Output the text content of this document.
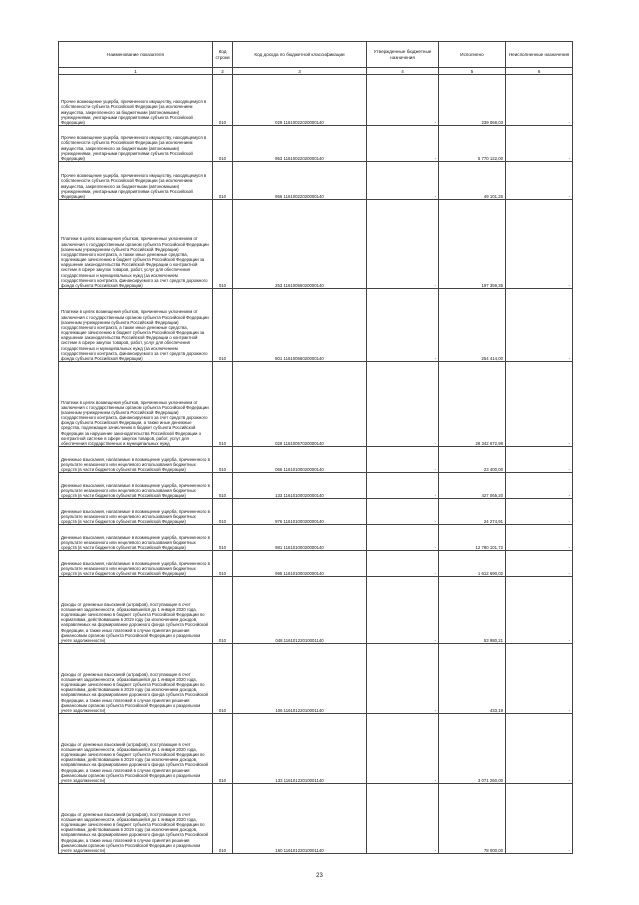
Наименование показателя	Код строки	Код дохода по бюджетной классификации	Утвержденные бюджетные назначения	Исполнено	Неисполненные назначения
1	2	3	4	5	6
Прочее возмещение ущерба, причиненного имуществу, находящемуся в собственности субъекта Российской Федерации (за исключением имущества, закрепленного за бюджетными (автономными) учреждениями, унитарными предприятиями субъекта Российской Федерации)	010	029 11610022020000140	-	239 068,03	-
Прочее возмещение ущерба, причиненного имуществу, находящемуся в собственности субъекта Российской Федерации (за исключением имущества, закрепленного за бюджетными (автономными) учреждениями, унитарными предприятиями субъекта Российской Федерации)	010	953 11610022020000140	-	5 770 122,00	-
Прочее возмещение ущерба, причиненного имуществу, находящемуся в собственности субъекта Российской Федерации (за исключением имущества, закрепленного за бюджетными (автономными) учреждениями, унитарными предприятиями субъекта Российской Федерации)	010	956 11610022020000140	-	49 101,26	-
Платежи в целях возмещения убытков, причиненных уклонением от заключения с государственным органом субъекта Российской Федерации (казенным учреждением субъекта Российской Федерации) государственного контракта, а также иные денежные средства, подлежащие зачислению в бюджет субъекта Российской Федерации за нарушение законодательства Российской Федерации о контрактной системе в сфере закупок товаров, работ, услуг для обеспечения государственных и муниципальных нужд (за исключением государственного контракта, финансируемого за счет средств дорожного фонда субъекта Российской Федерации)	010	253 11610056020000140	-	197 359,35	-
Платежи в целях возмещения убытков, причиненных уклонением от заключения с государственным органом субъекта Российской Федерации (казенным учреждением субъекта Российской Федерации) государственного контракта, а также иные денежные средства, подлежащие зачислению в бюджет субъекта Российской Федерации за нарушение законодательства Российской Федерации о контрактной системе в сфере закупок товаров, работ, услуг для обеспечения государственных и муниципальных нужд (за исключением государственного контракта, финансируемого за счет средств дорожного фонда субъекта Российской Федерации)	010	801 11610056020000140	-	254 414,00	-
Платежи в целях возмещения убытков, причиненных уклонением от заключения с государственным органом субъекта Российской Федерации (казенным учреждением субъекта Российской Федерации) государственного контракта, финансируемого за счет средств дорожного фонда субъекта Российской Федерации, а также иные денежные средства, подлежащие зачислению в бюджет субъекта Российской Федерации за нарушение законодательства Российской Федерации о контрактной системе в сфере закупок товаров, работ, услуг для обеспечения государственных и муниципальных нужд	010	029 11610057020000140	-	28 342 672,98	-
Денежные взыскания, налагаемые в возмещение ущерба, причиненного в результате незаконного или нецелевого использования бюджетных средств (в части бюджетов субъектов Российской Федерации)	010	066 11610100020000140	-	23 400,00	-
Денежные взыскания, налагаемые в возмещение ущерба, причиненного в результате незаконного или нецелевого использования бюджетных средств (в части бюджетов субъектов Российской Федерации)	010	133 11610100020000140	-	427 065,20	-
Денежные взыскания, налагаемые в возмещение ущерба, причиненного в результате незаконного или нецелевого использования бюджетных средств (в части бюджетов субъектов Российской Федерации)	010	976 11610100020000140	-	24 274,91	-
Денежные взыскания, налагаемые в возмещение ущерба, причиненного в результате незаконного или нецелевого использования бюджетных средств (в части бюджетов субъектов Российской Федерации)	010	981 11610100020000140	-	12 780 101,72	-
Денежные взыскания, налагаемые в возмещение ущерба, причиненного в результате незаконного или нецелевого использования бюджетных средств (в части бюджетов субъектов Российской Федерации)	010	995 11610100020000140	-	1 612 690,02	-
Доходы от денежных взысканий (штрафов), поступающие в счет погашения задолженности, образовавшейся до 1 января 2020 года, подлежащие зачислению в бюджет субъекта Российской Федерации по нормативам, действовавшим в 2019 году (за исключением доходов, направляемых на формирование дорожного фонда субъекта Российской Федерации, а также иных платежей в случае принятия решения финансовым органом субъекта Российской Федерации о раздельном учете задолженности)	010	048 11610122010001140	-	53 980,21	-
Доходы от денежных взысканий (штрафов), поступающие в счет погашения задолженности, образовавшейся до 1 января 2020 года, подлежащие зачислению в бюджет субъекта Российской Федерации по нормативам, действовавшим в 2019 году (за исключением доходов, направляемых на формирование дорожного фонда субъекта Российской Федерации, а также иных платежей в случае принятия решения финансовым органом субъекта Российской Федерации о раздельном учете задолженности)	010	106 11610122010001140	-	433,19	-
Доходы от денежных взысканий (штрафов), поступающие в счет погашения задолженности, образовавшейся до 1 января 2020 года, подлежащие зачислению в бюджет субъекта Российской Федерации по нормативам, действовавшим в 2019 году (за исключением доходов, направляемых на формирование дорожного фонда субъекта Российской Федерации, а также иных платежей в случае принятия решения финансовым органом субъекта Российской Федерации о раздельном учете задолженности)	010	133 11610122010001140	-	3 071 260,00	-
Доходы от денежных взысканий (штрафов), поступающие в счет погашения задолженности, образовавшейся до 1 января 2020 года, подлежащие зачислению в бюджет субъекта Российской Федерации по нормативам, действовавшим в 2019 году (за исключением доходов, направляемых на формирование дорожного фонда субъекта Российской Федерации, а также иных платежей в случае принятия решения финансовым органом субъекта Российской Федерации о раздельном учете задолженности)	010	160 11610122010001140	-	78 000,00	-
23
